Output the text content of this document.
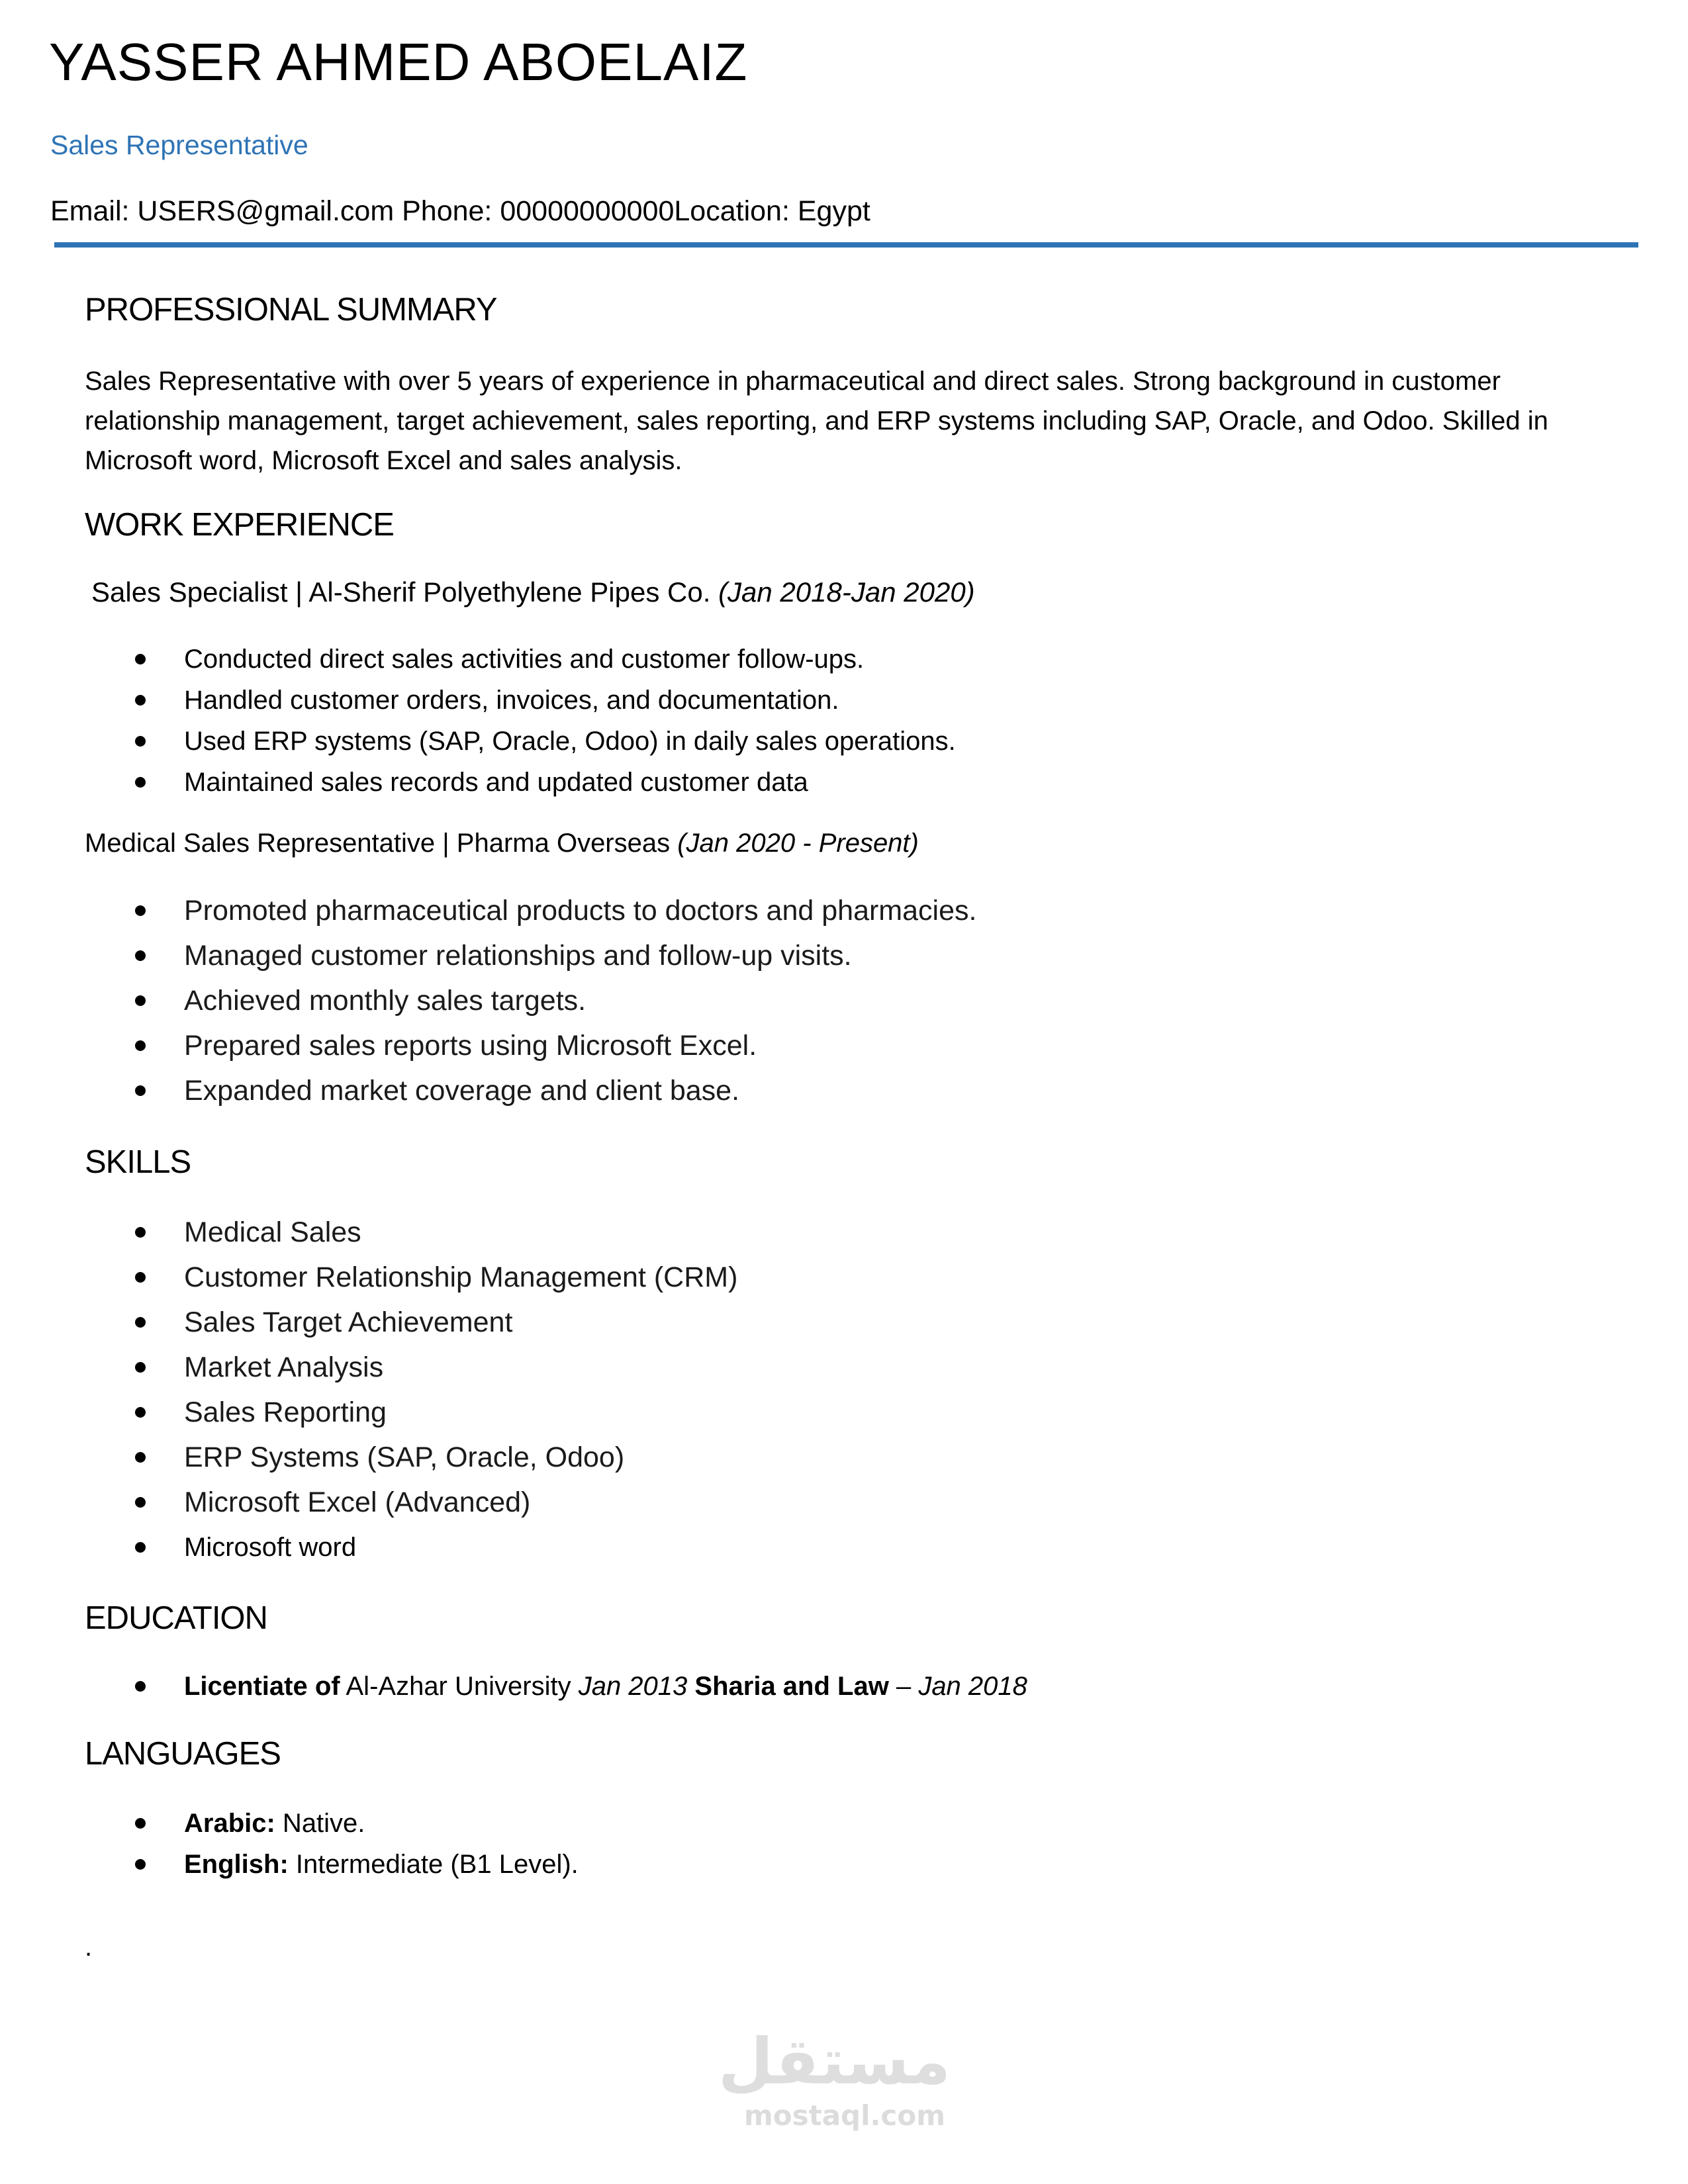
YASSER AHMED ABOELAIZ
Sales Representative
Email: USERS@gmail.com Phone: 00000000000Location: Egypt
PROFESSIONAL SUMMARY
Sales Representative with over 5 years of experience in pharmaceutical and direct sales. Strong background in customer relationship management, target achievement, sales reporting, and ERP systems including SAP, Oracle, and Odoo. Skilled in Microsoft word, Microsoft Excel and sales analysis.
WORK EXPERIENCE
Sales Specialist | Al-Sherif Polyethylene Pipes Co. (Jan 2018-Jan 2020)
Conducted direct sales activities and customer follow-ups.
Handled customer orders, invoices, and documentation.
Used ERP systems (SAP, Oracle, Odoo) in daily sales operations.
Maintained sales records and updated customer data
Medical Sales Representative | Pharma Overseas (Jan 2020 - Present)
Promoted pharmaceutical products to doctors and pharmacies.
Managed customer relationships and follow-up visits.
Achieved monthly sales targets.
Prepared sales reports using Microsoft Excel.
Expanded market coverage and client base.
SKILLS
Medical Sales
Customer Relationship Management (CRM)
Sales Target Achievement
Market Analysis
Sales Reporting
ERP Systems (SAP, Oracle, Odoo)
Microsoft Excel (Advanced)
Microsoft word
EDUCATION
Licentiate of Al-Azhar University Jan 2013 Sharia and Law – Jan 2018
LANGUAGES
Arabic: Native.
English: Intermediate (B1 Level).
.
مستقل
mostaql.com
